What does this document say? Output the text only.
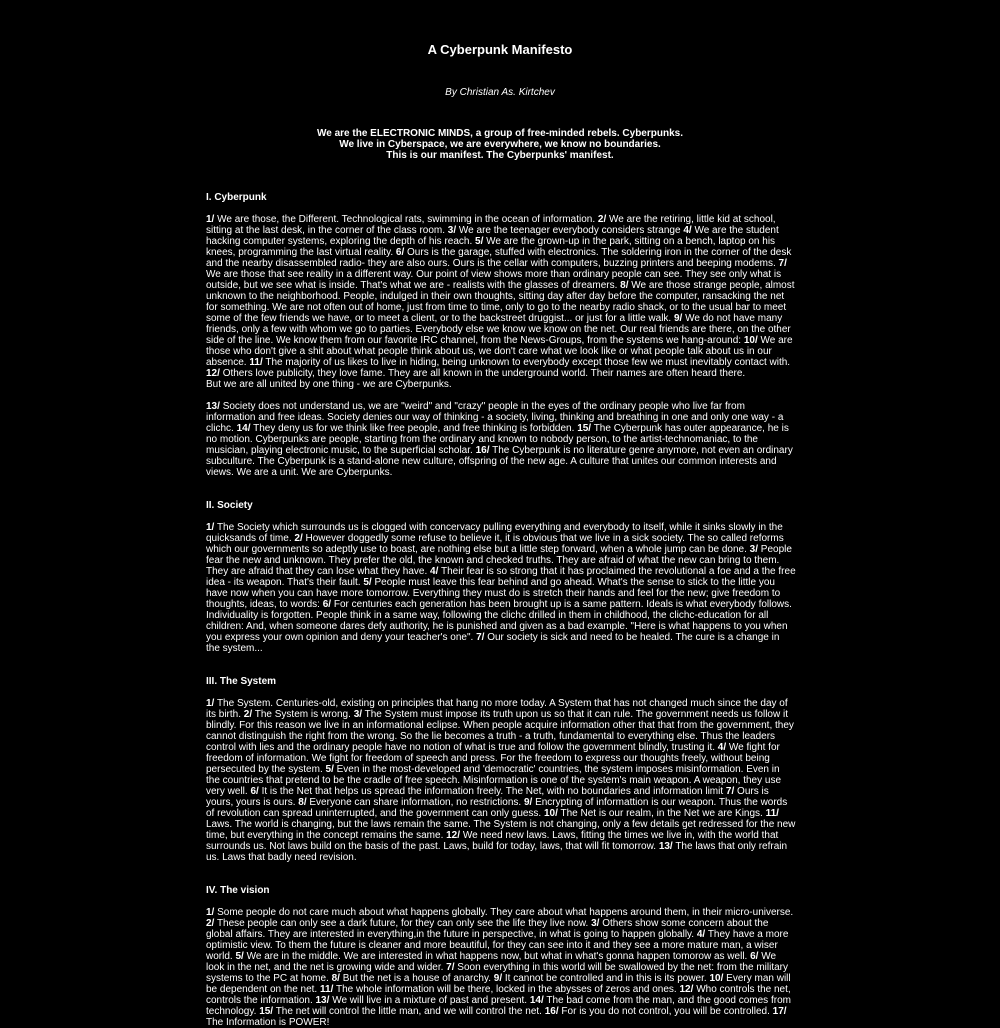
A Cyberpunk Manifesto
By Christian As. Kirtchev
We are the ELECTRONIC MINDS, a group of free-minded rebels. Cyberpunks.
We live in Cyberspace, we are everywhere, we know no boundaries.
This is our manifest. The Cyberpunks' manifest.
I. Cyberpunk
1/ We are those, the Different. Technological rats, swimming in the ocean of information. 2/ We are the retiring, little kid at school, sitting at the last desk, in the corner of the class room. 3/ We are the teenager everybody considers strange 4/ We are the student hacking computer systems, exploring the depth of his reach. 5/ We are the grown-up in the park, sitting on a bench, laptop on his knees, programming the last virtual reality. 6/ Ours is the garage, stuffed with electronics. The soldering iron in the corner of the desk and the nearby disassembled radio- they are also ours. Ours is the cellar with computers, buzzing printers and beeping modems. 7/ We are those that see reality in a different way. Our point of view shows more than ordinary people can see. They see only what is outside, but we see what is inside. That's what we are - realists with the glasses of dreamers. 8/ We are those strange people, almost unknown to the neighborhood. People, indulged in their own thoughts, sitting day after day before the computer, ransacking the net for something. We are not often out of home, just from time to time, only to go to the nearby radio shack, or to the usual bar to meet some of the few friends we have, or to meet a client, or to the backstreet druggist... or just for a little walk. 9/ We do not have many friends, only a few with whom we go to parties. Everybody else we know we know on the net. Our real friends are there, on the other side of the line. We know them from our favorite IRC channel, from the News-Groups, from the systems we hang-around: 10/ We are those who don't give a shit about what people think about us, we don't care what we look like or what people talk about us in our absence. 11/ The majority of us likes to live in hiding, being unknown to everybody except those few we must inevitably contact with. 12/ Others love publicity, they love fame. They are all known in the underground world. Their names are often heard there.
But we are all united by one thing - we are Cyberpunks.
13/ Society does not understand us, we are "weird" and "crazy" people in the eyes of the ordinary people who live far from information and free ideas. Society denies our way of thinking - a society, living, thinking and breathing in one and only one way - a clichc. 14/ They deny us for we think like free people, and free thinking is forbidden. 15/ The Cyberpunk has outer appearance, he is no motion. Cyberpunks are people, starting from the ordinary and known to nobody person, to the artist-technomaniac, to the musician, playing electronic music, to the superficial scholar. 16/ The Cyberpunk is no literature genre anymore, not even an ordinary subculture. The Cyberpunk is a stand-alone new culture, offspring of the new age. A culture that unites our common interests and views. We are a unit. We are Cyberpunks.
II. Society
1/ The Society which surrounds us is clogged with concervacy pulling everything and everybody to itself, while it sinks slowly in the quicksands of time. 2/ However doggedly some refuse to believe it, it is obvious that we live in a sick society. The so called reforms which our governments so adeptly use to boast, are nothing else but a little step forward, when a whole jump can be done. 3/ People fear the new and unknown. They prefer the old, the known and checked truths. They are afraid of what the new can bring to them. They are afraid that they can lose what they have. 4/ Their fear is so strong that it has proclaimed the revolutional a foe and a the free idea - its weapon. That's their fault. 5/ People must leave this fear behind and go ahead. What's the sense to stick to the little you have now when you can have more tomorrow. Everything they must do is stretch their hands and feel for the new; give freedom to thoughts, ideas, to words: 6/ For centuries each generation has been brought up is a same pattern. Ideals is what everybody follows. Individuality is forgotten. People think in a same way, following the clichc drilled in them in childhood, the clichc-education for all children: And, when someone dares defy authority, he is punished and given as a bad example. "Here is what happens to you when you express your own opinion and deny your teacher's one". 7/ Our society is sick and need to be healed. The cure is a change in the system...
III. The System
1/ The System. Centuries-old, existing on principles that hang no more today. A System that has not changed much since the day of its birth. 2/ The System is wrong. 3/ The System must impose its truth upon us so that it can rule. The government needs us follow it blindly. For this reason we live in an informational eclipse. When people acquire information other that that from the government, they cannot distinguish the right from the wrong. So the lie becomes a truth - a truth, fundamental to everything else. Thus the leaders control with lies and the ordinary people have no notion of what is true and follow the government blindly, trusting it. 4/ We fight for freedom of information. We fight for freedom of speech and press. For the freedom to express our thoughts freely, without being persecuted by the system. 5/ Even in the most-developed and 'democratic' countries, the system imposes misinformation. Even in the countries that pretend to be the cradle of free speech. Misinformation is one of the system's main weapon. A weapon, they use very well. 6/ It is the Net that helps us spread the information freely. The Net, with no boundaries and information limit 7/ Ours is yours, yours is ours. 8/ Everyone can share information, no restrictions. 9/ Encrypting of informattion is our weapon. Thus the words of revolution can spread uninterrupted, and the government can only guess. 10/ The Net is our realm, in the Net we are Kings. 11/ Laws. The world is changing, but the laws remain the same. The System is not changing, only a few details get redressed for the new time, but everything in the concept remains the same. 12/ We need new laws. Laws, fitting the times we live in, with the world that surrounds us. Not laws build on the basis of the past. Laws, build for today, laws, that will fit tomorrow. 13/ The laws that only refrain us. Laws that badly need revision.
IV. The vision
1/ Some people do not care much about what happens globally. They care about what happens around them, in their micro-universe. 2/ These people can only see a dark future, for they can only see the life they live now. 3/ Others show some concern about the global affairs. They are interested in everything,in the future in perspective, in what is going to happen globally. 4/ They have a more optimistic view. To them the future is cleaner and more beautiful, for they can see into it and they see a more mature man, a wiser world. 5/ We are in the middle. We are interested in what happens now, but what in what's gonna happen tomorow as well. 6/ We look in the net, and the net is growing wide and wider. 7/ Soon everything in this world will be swallowed by the net: from the military systems to the PC at home. 8/ But the net is a house of anarchy. 9/ It cannot be controlled and in this is its power. 10/ Every man will be dependent on the net. 11/ The whole information will be there, locked in the abysses of zeros and ones. 12/ Who controls the net, controls the information. 13/ We will live in a mixture of past and present. 14/ The bad come from the man, and the good comes from technology. 15/ The net will control the little man, and we will control the net. 16/ For is you do not control, you will be controlled. 17/ The Information is POWER!
